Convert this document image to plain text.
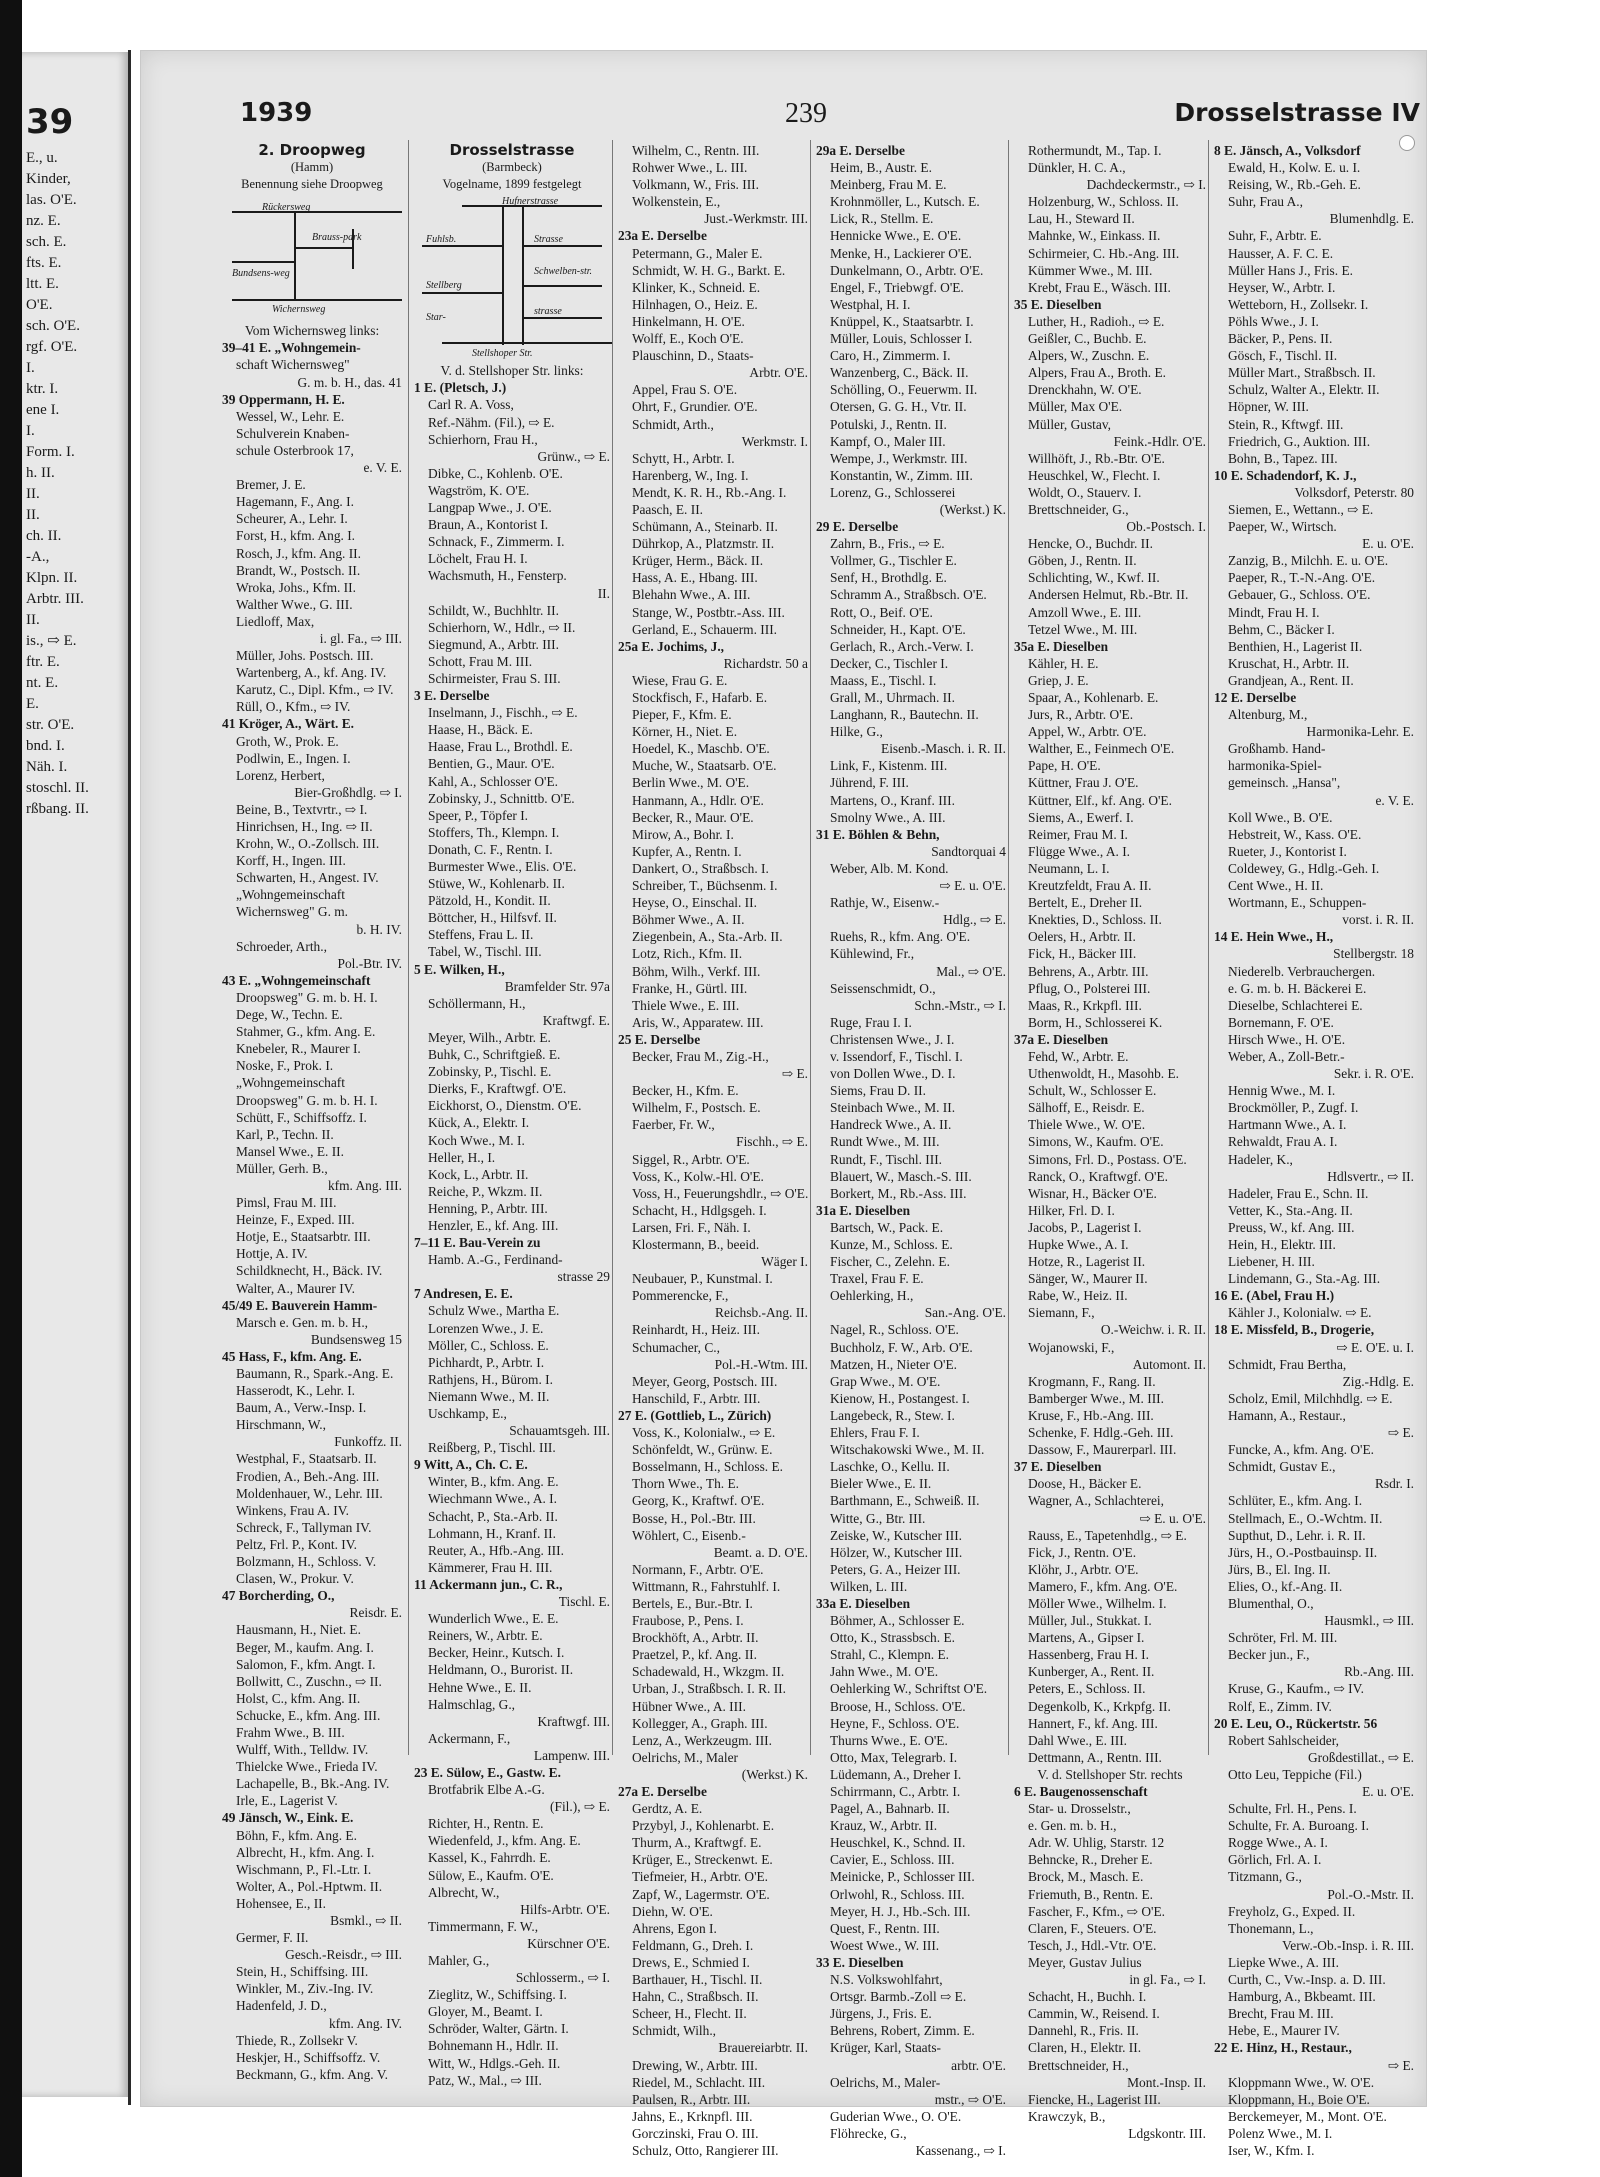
39
E., u.
Kinder,
las. O'E.
nz. E.
sch. E.
fts. E.
ltt. E.
O'E.
sch. O'E.
rgf. O'E.
I.
ktr. I.
ene I.
I.
Form. I.
h. II.
II.
II.
ch. II.
-A.,
Klpn. II.
Arbtr. III.
II.
is., ⇨ E.
ftr. E.
nt. E.
E.
str. O'E.
bnd. I.
Näh. I.
stoschl. II.
rßbang. II.
1939	239	Drosselstrasse IV
2. Droopweg
(Hamm)
Benennung siehe Droopweg
Rückersweg
Brauss-park
Bundsens-weg
Wichernsweg
Vom Wichernsweg links:
39–41 E. „Wohngemein-
schaft Wichernsweg"
G. m. b. H., das. 41
39 Oppermann, H. E.
Wessel, W., Lehr. E.
Schulverein Knaben-
schule Osterbrook 17,
e. V. E.
Bremer, J. E.
Hagemann, F., Ang. I.
Scheurer, A., Lehr. I.
Forst, H., kfm. Ang. I.
Rosch, J., kfm. Ang. II.
Brandt, W., Postsch. II.
Wroka, Johs., Kfm. II.
Walther Wwe., G. III.
Liedloff, Max,
i. gl. Fa., ⇨ III.
Müller, Johs. Postsch. III.
Wartenberg, A., kf. Ang. IV.
Karutz, C., Dipl. Kfm., ⇨ IV.
Rüll, O., Kfm., ⇨ IV.
41 Kröger, A., Wärt. E.
Groth, W., Prok. E.
Podlwin, E., Ingen. I.
Lorenz, Herbert,
Bier-Großhdlg. ⇨ I.
Beine, B., Textvrtr., ⇨ I.
Hinrichsen, H., Ing. ⇨ II.
Krohn, W., O.-Zollsch. III.
Korff, H., Ingen. III.
Schwarten, H., Angest. IV.
„Wohngemeinschaft
Wichernsweg" G. m.
b. H. IV.
Schroeder, Arth.,
Pol.-Btr. IV.
43 E. „Wohngemeinschaft
Droopsweg" G. m. b. H. I.
Dege, W., Techn. E.
Stahmer, G., kfm. Ang. E.
Knebeler, R., Maurer I.
Noske, F., Prok. I.
„Wohngemeinschaft
Droopsweg" G. m. b. H. I.
Schütt, F., Schiffsoffz. I.
Karl, P., Techn. II.
Mansel Wwe., E. II.
Müller, Gerh. B.,
kfm. Ang. III.
Pimsl, Frau M. III.
Heinze, F., Exped. III.
Hotje, E., Staatsarbtr. III.
Hottje, A. IV.
Schildknecht, H., Bäck. IV.
Walter, A., Maurer IV.
45/49 E. Bauverein Hamm-
Marsch e. Gen. m. b. H.,
Bundsensweg 15
45 Hass, F., kfm. Ang. E.
Baumann, R., Spark.-Ang. E.
Hasserodt, K., Lehr. I.
Baum, A., Verw.-Insp. I.
Hirschmann, W.,
Funkoffz. II.
Westphal, F., Staatsarb. II.
Frodien, A., Beh.-Ang. III.
Moldenhauer, W., Lehr. III.
Winkens, Frau A. IV.
Schreck, F., Tallyman IV.
Peltz, Frl. P., Kont. IV.
Bolzmann, H., Schloss. V.
Clasen, W., Prokur. V.
47 Borcherding, O.,
Reisdr. E.
Hausmann, H., Niet. E.
Beger, M., kaufm. Ang. I.
Salomon, F., kfm. Angt. I.
Bollwitt, C., Zuschn., ⇨ II.
Holst, C., kfm. Ang. II.
Schucke, E., kfm. Ang. III.
Frahm Wwe., B. III.
Wulff, With., Telldw. IV.
Thielcke Wwe., Frieda IV.
Lachapelle, B., Bk.-Ang. IV.
Irle, E., Lagerist V.
49 Jänsch, W., Eink. E.
Böhn, F., kfm. Ang. E.
Albrecht, H., kfm. Ang. I.
Wischmann, P., Fl.-Ltr. I.
Wolter, A., Pol.-Hptwm. II.
Hohensee, E., II.
Bsmkl., ⇨ II.
Germer, F. II.
Gesch.-Reisdr., ⇨ III.
Stein, H., Schiffsing. III.
Winkler, M., Ziv.-Ing. IV.
Hadenfeld, J. D.,
kfm. Ang. IV.
Thiede, R., Zollsekr V.
Heskjer, H., Schiffsoffz. V.
Beckmann, G., kfm. Ang. V.
Drosselstrasse
(Barmbeck)
Vogelname, 1899 festgelegt
Hufnerstrasse
Fuhlsb.	Strasse
Schwelben-str.
Stellberg
Star-
strasse
Stellshoper Str.
V. d. Stellshoper Str. links:
1 E. (Pletsch, J.)
Carl R. A. Voss,
Ref.-Nähm. (Fil.), ⇨ E.
Schierhorn, Frau H.,
Grünw., ⇨ E.
Dibke, C., Kohlenb. O'E.
Wagström, K. O'E.
Langpap Wwe., J. O'E.
Braun, A., Kontorist I.
Schnack, F., Zimmerm. I.
Löchelt, Frau H. I.
Wachsmuth, H., Fensterp.
II.
Schildt, W., Buchhltr. II.
Schierhorn, W., Hdlr., ⇨ II.
Siegmund, A., Arbtr. III.
Schott, Frau M. III.
Schirmeister, Frau S. III.
3 E. Derselbe
Inselmann, J., Fischh., ⇨ E.
Haase, H., Bäck. E.
Haase, Frau L., Brothdl. E.
Bentien, G., Maur. O'E.
Kahl, A., Schlosser O'E.
Zobinsky, J., Schnittb. O'E.
Speer, P., Töpfer I.
Stoffers, Th., Klempn. I.
Donath, C. F., Rentn. I.
Burmester Wwe., Elis. O'E.
Stüwe, W., Kohlenarb. II.
Pätzold, H., Kondit. II.
Böttcher, H., Hilfsvf. II.
Steffens, Frau L. II.
Tabel, W., Tischl. III.
5 E. Wilken, H.,
Bramfelder Str. 97a
Schöllermann, H.,
Kraftwgf. E.
Meyer, Wilh., Arbtr. E.
Buhk, C., Schriftgieß. E.
Zobinsky, P., Tischl. E.
Dierks, F., Kraftwgf. O'E.
Eickhorst, O., Dienstm. O'E.
Kück, A., Elektr. I.
Koch Wwe., M. I.
Heller, H., I.
Kock, L., Arbtr. II.
Reiche, P., Wkzm. II.
Henning, P., Arbtr. III.
Henzler, E., kf. Ang. III.
7–11 E. Bau-Verein zu
Hamb. A.-G., Ferdinand-
strasse 29
7 Andresen, E. E.
Schulz Wwe., Martha E.
Lorenzen Wwe., J. E.
Möller, C., Schloss. E.
Pichhardt, P., Arbtr. I.
Rathjens, H., Bürom. I.
Niemann Wwe., M. II.
Uschkamp, E.,
Schauamtsgeh. III.
Reißberg, P., Tischl. III.
9 Witt, A., Ch. C. E.
Winter, B., kfm. Ang. E.
Wiechmann Wwe., A. I.
Schacht, P., Sta.-Arb. II.
Lohmann, H., Kranf. II.
Reuter, A., Hfb.-Ang. III.
Kämmerer, Frau H. III.
11 Ackermann jun., C. R.,
Tischl. E.
Wunderlich Wwe., E. E.
Reiners, W., Arbtr. E.
Becker, Heinr., Kutsch. I.
Heldmann, O., Burorist. II.
Hehne Wwe., E. II.
Halmschlag, G.,
Kraftwgf. III.
Ackermann, F.,
Lampenw. III.
23 E. Sülow, E., Gastw. E.
Brotfabrik Elbe A.-G.
(Fil.), ⇨ E.
Richter, H., Rentn. E.
Wiedenfeld, J., kfm. Ang. E.
Kassel, K., Fahrrdh. E.
Sülow, E., Kaufm. O'E.
Albrecht, W.,
Hilfs-Arbtr. O'E.
Timmermann, F. W.,
Kürschner O'E.
Mahler, G.,
Schlosserm., ⇨ I.
Zieglitz, W., Schiffsing. I.
Gloyer, M., Beamt. I.
Schröder, Walter, Gärtn. I.
Bohnemann H., Hdlr. II.
Witt, W., Hdlgs.-Geh. II.
Patz, W., Mal., ⇨ III.
Wilhelm, C., Rentn. III.
Rohwer Wwe., L. III.
Volkmann, W., Fris. III.
Wolkenstein, E.,
Just.-Werkmstr. III.
23a E. Derselbe
Petermann, G., Maler E.
Schmidt, W. H. G., Barkt. E.
Klinker, K., Schneid. E.
Hilnhagen, O., Heiz. E.
Hinkelmann, H. O'E.
Wolff, E., Koch O'E.
Plauschinn, D., Staats-
Arbtr. O'E.
Appel, Frau S. O'E.
Ohrt, F., Grundier. O'E.
Schmidt, Arth.,
Werkmstr. I.
Schytt, H., Arbtr. I.
Harenberg, W., Ing. I.
Mendt, K. R. H., Rb.-Ang. I.
Paasch, E. II.
Schümann, A., Steinarb. II.
Dührkop, A., Platzmstr. II.
Krüger, Herm., Bäck. II.
Hass, A. E., Hbang. III.
Blehahn Wwe., A. III.
Stange, W., Postbtr.-Ass. III.
Gerland, E., Schauerm. III.
25a E. Jochims, J.,
Richardstr. 50 a
Wiese, Frau G. E.
Stockfisch, F., Hafarb. E.
Pieper, F., Kfm. E.
Körner, H., Niet. E.
Hoedel, K., Maschb. O'E.
Muche, W., Staatsarb. O'E.
Berlin Wwe., M. O'E.
Hanmann, A., Hdlr. O'E.
Becker, R., Maur. O'E.
Mirow, A., Bohr. I.
Kupfer, A., Rentn. I.
Dankert, O., Straßbsch. I.
Schreiber, T., Büchsenm. I.
Heyse, O., Einschal. II.
Böhmer Wwe., A. II.
Ziegenbein, A., Sta.-Arb. II.
Lotz, Rich., Kfm. II.
Böhm, Wilh., Verkf. III.
Franke, H., Gürtl. III.
Thiele Wwe., E. III.
Aris, W., Apparatew. III.
25 E. Derselbe
Becker, Frau M., Zig.-H.,
⇨ E.
Becker, H., Kfm. E.
Wilhelm, F., Postsch. E.
Faerber, Fr. W.,
Fischh., ⇨ E.
Siggel, R., Arbtr. O'E.
Voss, K., Kolw.-Hl. O'E.
Voss, H., Feuerungshdlr., ⇨ O'E.
Schacht, H., Hdlgsgeh. I.
Larsen, Fri. F., Näh. I.
Klostermann, B., beeid.
Wäger I.
Neubauer, P., Kunstmal. I.
Pommerencke, F.,
Reichsb.-Ang. II.
Reinhardt, H., Heiz. III.
Schumacher, C.,
Pol.-H.-Wtm. III.
Meyer, Georg, Postsch. III.
Hanschild, F., Arbtr. III.
27 E. (Gottlieb, L., Zürich)
Voss, K., Kolonialw., ⇨ E.
Schönfeldt, W., Grünw. E.
Bosselmann, H., Schloss. E.
Thorn Wwe., Th. E.
Georg, K., Kraftwf. O'E.
Bosse, H., Pol.-Btr. III.
Wöhlert, C., Eisenb.-
Beamt. a. D. O'E.
Normann, F., Arbtr. O'E.
Wittmann, R., Fahrstuhlf. I.
Bertels, E., Bur.-Btr. I.
Fraubose, P., Pens. I.
Brockhöft, A., Arbtr. II.
Praetzel, P., kf. Ang. II.
Schadewald, H., Wkzgm. II.
Urban, J., Straßbsch. I. R. II.
Hübner Wwe., A. III.
Kollegger, A., Graph. III.
Lenz, A., Werkzeugm. III.
Oelrichs, M., Maler
(Werkst.) K.
27a E. Derselbe
Gerdtz, A. E.
Przybyl, J., Kohlenarbt. E.
Thurm, A., Kraftwgf. E.
Krüger, E., Streckenwt. E.
Tiefmeier, H., Arbtr. O'E.
Zapf, W., Lagermstr. O'E.
Diehn, W. O'E.
Ahrens, Egon I.
Feldmann, G., Dreh. I.
Drews, E., Schmied I.
Barthauer, H., Tischl. II.
Hahn, C., Straßbsch. II.
Scheer, H., Flecht. II.
Schmidt, Wilh.,
Brauereiarbtr. II.
Drewing, W., Arbtr. III.
Riedel, M., Schlacht. III.
Paulsen, R., Arbtr. III.
Jahns, E., Krknpfl. III.
Gorczinski, Frau O. III.
Schulz, Otto, Rangierer III.
29a E. Derselbe
Heim, B., Austr. E.
Meinberg, Frau M. E.
Krohnmöller, L., Kutsch. E.
Lick, R., Stellm. E.
Hennicke Wwe., E. O'E.
Menke, H., Lackierer O'E.
Dunkelmann, O., Arbtr. O'E.
Engel, F., Triebwgf. O'E.
Westphal, H. I.
Knüppel, K., Staatsarbtr. I.
Müller, Louis, Schlosser I.
Caro, H., Zimmerm. I.
Wanzenberg, C., Bäck. II.
Schölling, O., Feuerwm. II.
Otersen, G. G. H., Vtr. II.
Potulski, J., Rentn. II.
Kampf, O., Maler III.
Wempe, J., Werkmstr. III.
Konstantin, W., Zimm. III.
Lorenz, G., Schlosserei
(Werkst.) K.
29 E. Derselbe
Zahrn, B., Fris., ⇨ E.
Vollmer, G., Tischler E.
Senf, H., Brothdlg. E.
Schramm A., Straßbsch. O'E.
Rott, O., Beif. O'E.
Schneider, H., Kapt. O'E.
Gerlach, R., Arch.-Verw. I.
Decker, C., Tischler I.
Maass, E., Tischl. I.
Grall, M., Uhrmach. II.
Langhann, R., Bautechn. II.
Hilke, G.,
Eisenb.-Masch. i. R. II.
Link, F., Kistenm. III.
Jührend, F. III.
Martens, O., Kranf. III.
Smolny Wwe., A. III.
31 E. Böhlen & Behn,
Sandtorquai 4
Weber, Alb. M. Kond.
⇨ E. u. O'E.
Rathje, W., Eisenw.-
Hdlg., ⇨ E.
Ruehs, R., kfm. Ang. O'E.
Kühlewind, Fr.,
Mal., ⇨ O'E.
Seissenschmidt, O.,
Schn.-Mstr., ⇨ I.
Ruge, Frau I. I.
Christensen Wwe., J. I.
v. Issendorf, F., Tischl. I.
von Dollen Wwe., D. I.
Siems, Frau D. II.
Steinbach Wwe., M. II.
Handreck Wwe., A. II.
Rundt Wwe., M. III.
Rundt, F., Tischl. III.
Blauert, W., Masch.-S. III.
Borkert, M., Rb.-Ass. III.
31a E. Dieselben
Bartsch, W., Pack. E.
Kunze, M., Schloss. E.
Fischer, C., Zelehn. E.
Traxel, Frau F. E.
Oehlerking, H.,
San.-Ang. O'E.
Nagel, R., Schloss. O'E.
Buchholz, F. W., Arb. O'E.
Matzen, H., Nieter O'E.
Grap Wwe., M. O'E.
Kienow, H., Postangest. I.
Langebeck, R., Stew. I.
Ehlers, Frau F. I.
Witschakowski Wwe., M. II.
Laschke, O., Kellu. II.
Bieler Wwe., E. II.
Barthmann, E., Schweiß. II.
Witte, G., Btr. III.
Zeiske, W., Kutscher III.
Hölzer, W., Kutscher III.
Peters, G. A., Heizer III.
Wilken, L. III.
33a E. Dieselben
Böhmer, A., Schlosser E.
Otto, K., Strassbsch. E.
Strahl, C., Klempn. E.
Jahn Wwe., M. O'E.
Oehlerking W., Schriftst O'E.
Broose, H., Schloss. O'E.
Heyne, F., Schloss. O'E.
Thurns Wwe., E. O'E.
Otto, Max, Telegrarb. I.
Lüdemann, A., Dreher I.
Schirrmann, C., Arbtr. I.
Pagel, A., Bahnarb. II.
Krauz, W., Arbtr. II.
Heuschkel, K., Schnd. II.
Cavier, E., Schloss. III.
Meinicke, P., Schlosser III.
Orlwohl, R., Schloss. III.
Meyer, H. J., Hb.-Sch. III.
Quest, F., Rentn. III.
Woest Wwe., W. III.
33 E. Dieselben
N.S. Volkswohlfahrt,
Ortsgr. Barmb.-Zoll ⇨ E.
Jürgens, J., Fris. E.
Behrens, Robert, Zimm. E.
Krüger, Karl, Staats-
arbtr. O'E.
Oelrichs, M., Maler-
mstr., ⇨ O'E.
Guderian Wwe., O. O'E.
Flöhrecke, G.,
Kassenang., ⇨ I.
Rothermundt, M., Tap. I.
Dünkler, H. C. A.,
Dachdeckermstr., ⇨ I.
Holzenburg, W., Schloss. II.
Lau, H., Steward II.
Mahnke, W., Einkass. II.
Schirmeier, C. Hb.-Ang. III.
Kümmer Wwe., M. III.
Krebt, Frau E., Wäsch. III.
35 E. Dieselben
Luther, H., Radioh., ⇨ E.
Geißler, C., Buchb. E.
Alpers, W., Zuschn. E.
Alpers, Frau A., Broth. E.
Drenckhahn, W. O'E.
Müller, Max O'E.
Müller, Gustav,
Feink.-Hdlr. O'E.
Willhöft, J., Rb.-Btr. O'E.
Heuschkel, W., Flecht. I.
Woldt, O., Stauerv. I.
Brettschneider, G.,
Ob.-Postsch. I.
Hencke, O., Buchdr. II.
Göben, J., Rentn. II.
Schlichting, W., Kwf. II.
Andersen Helmut, Rb.-Btr. II.
Amzoll Wwe., E. III.
Tetzel Wwe., M. III.
35a E. Dieselben
Kähler, H. E.
Griep, J. E.
Spaar, A., Kohlenarb. E.
Jurs, R., Arbtr. O'E.
Appel, W., Arbtr. O'E.
Walther, E., Feinmech O'E.
Pape, H. O'E.
Küttner, Frau J. O'E.
Küttner, Elf., kf. Ang. O'E.
Siems, A., Ewerf. I.
Reimer, Frau M. I.
Flügge Wwe., A. I.
Neumann, L. I.
Kreutzfeldt, Frau A. II.
Bertelt, E., Dreher II.
Knekties, D., Schloss. II.
Oelers, H., Arbtr. II.
Fick, H., Bäcker III.
Behrens, A., Arbtr. III.
Pflug, O., Polsterei III.
Maas, R., Krkpfl. III.
Borm, H., Schlosserei K.
37a E. Dieselben
Fehd, W., Arbtr. E.
Uthenwoldt, H., Masohb. E.
Schult, W., Schlosser E.
Sälhoff, E., Reisdr. E.
Thiele Wwe., W. O'E.
Simons, W., Kaufm. O'E.
Simons, Frl. D., Postass. O'E.
Ranck, O., Kraftwgf. O'E.
Wisnar, H., Bäcker O'E.
Hilker, Frl. D. I.
Jacobs, P., Lagerist I.
Hupke Wwe., A. I.
Hotze, R., Lagerist II.
Sänger, W., Maurer II.
Rabe, W., Heiz. II.
Siemann, F.,
O.-Weichw. i. R. II.
Wojanowski, F.,
Automont. II.
Krogmann, F., Rang. II.
Bamberger Wwe., M. III.
Kruse, F., Hb.-Ang. III.
Schenke, F. Hdlg.-Geh. III.
Dassow, F., Maurerparl. III.
37 E. Dieselben
Doose, H., Bäcker E.
Wagner, A., Schlachterei,
⇨ E. u. O'E.
Rauss, E., Tapetenhdlg., ⇨ E.
Fick, J., Rentn. O'E.
Klöhr, J., Arbtr. O'E.
Mamero, F., kfm. Ang. O'E.
Möller Wwe., Wilhelm. I.
Müller, Jul., Stukkat. I.
Martens, A., Gipser I.
Hassenberg, Frau H. I.
Kunberger, A., Rent. II.
Peters, E., Schloss. II.
Degenkolb, K., Krkpfg. II.
Hannert, F., kf. Ang. III.
Dahl Wwe., E. III.
Dettmann, A., Rentn. III.
V. d. Stellshoper Str. rechts
6 E. Baugenossenschaft
Star- u. Drosselstr.,
e. Gen. m. b. H.,
Adr. W. Uhlig, Starstr. 12
Behncke, R., Dreher E.
Brock, M., Masch. E.
Friemuth, B., Rentn. E.
Fascher, F., Kfm., ⇨ O'E.
Claren, F., Steuers. O'E.
Tesch, J., Hdl.-Vtr. O'E.
Meyer, Gustav Julius
in gl. Fa., ⇨ I.
Schacht, H., Buchh. I.
Cammin, W., Reisend. I.
Dannehl, R., Fris. II.
Claren, H., Elektr. II.
Brettschneider, H.,
Mont.-Insp. II.
Fiencke, H., Lagerist III.
Krawczyk, B.,
Ldgskontr. III.
8 E. Jänsch, A., Volksdorf
Ewald, H., Kolw. E. u. I.
Reising, W., Rb.-Geh. E.
Suhr, Frau A.,
Blumenhdlg. E.
Suhr, F., Arbtr. E.
Hausser, A. F. C. E.
Müller Hans J., Fris. E.
Heyser, W., Arbtr. I.
Wetteborn, H., Zollsekr. I.
Pöhls Wwe., J. I.
Bäcker, P., Pens. II.
Gösch, F., Tischl. II.
Müller Mart., Straßbsch. II.
Schulz, Walter A., Elektr. II.
Höpner, W. III.
Stein, R., Kftwgf. III.
Friedrich, G., Auktion. III.
Bohn, B., Tapez. III.
10 E. Schadendorf, K. J.,
Volksdorf, Peterstr. 80
Siemen, E., Wettann., ⇨ E.
Paeper, W., Wirtsch.
E. u. O'E.
Zanzig, B., Milchh. E. u. O'E.
Paeper, R., T.-N.-Ang. O'E.
Gebauer, G., Schloss. O'E.
Mindt, Frau H. I.
Behm, C., Bäcker I.
Benthien, H., Lagerist II.
Kruschat, H., Arbtr. II.
Grandjean, A., Rent. II.
12 E. Derselbe
Altenburg, M.,
Harmonika-Lehr. E.
Großhamb. Hand-
harmonika-Spiel-
gemeinsch. „Hansa",
e. V. E.
Koll Wwe., B. O'E.
Hebstreit, W., Kass. O'E.
Rueter, J., Kontorist I.
Coldewey, G., Hdlg.-Geh. I.
Cent Wwe., H. II.
Wortmann, E., Schuppen-
vorst. i. R. II.
14 E. Hein Wwe., H.,
Stellbergstr. 18
Niederelb. Verbrauchergen.
e. G. m. b. H. Bäckerei E.
Dieselbe, Schlachterei E.
Bornemann, F. O'E.
Hirsch Wwe., H. O'E.
Weber, A., Zoll-Betr.-
Sekr. i. R. O'E.
Hennig Wwe., M. I.
Brockmöller, P., Zugf. I.
Hartmann Wwe., A. I.
Rehwaldt, Frau A. I.
Hadeler, K.,
Hdlsvertr., ⇨ II.
Hadeler, Frau E., Schn. II.
Vetter, K., Sta.-Ang. II.
Preuss, W., kf. Ang. III.
Hein, H., Elektr. III.
Liebener, H. III.
Lindemann, G., Sta.-Ag. III.
16 E. (Abel, Frau H.)
Kähler J., Kolonialw. ⇨ E.
18 E. Missfeld, B., Drogerie,
⇨ E. O'E. u. I.
Schmidt, Frau Bertha,
Zig.-Hdlg. E.
Scholz, Emil, Milchhdlg. ⇨ E.
Hamann, A., Restaur.,
⇨ E.
Funcke, A., kfm. Ang. O'E.
Schmidt, Gustav E.,
Rsdr. I.
Schlüter, E., kfm. Ang. I.
Stellmach, E., O.-Wchtm. II.
Supthut, D., Lehr. i. R. II.
Jürs, H., O.-Postbauinsp. II.
Jürs, B., El. Ing. II.
Elies, O., kf.-Ang. II.
Blumenthal, O.,
Hausmkl., ⇨ III.
Schröter, Frl. M. III.
Becker jun., F.,
Rb.-Ang. III.
Kruse, G., Kaufm., ⇨ IV.
Rolf, E., Zimm. IV.
20 E. Leu, O., Rückertstr. 56
Robert Sahlscheider,
Großdestillat., ⇨ E.
Otto Leu, Teppiche (Fil.)
E. u. O'E.
Schulte, Frl. H., Pens. I.
Schulte, Fr. A. Buroang. I.
Rogge Wwe., A. I.
Görlich, Frl. A. I.
Titzmann, G.,
Pol.-O.-Mstr. II.
Freyholz, G., Exped. II.
Thonemann, L.,
Verw.-Ob.-Insp. i. R. III.
Liepke Wwe., A. III.
Curth, C., Vw.-Insp. a. D. III.
Hamburg, A., Bkbeamt. III.
Brecht, Frau M. III.
Hebe, E., Maurer IV.
22 E. Hinz, H., Restaur.,
⇨ E.
Kloppmann Wwe., W. O'E.
Kloppmann, H., Boie O'E.
Berckemeyer, M., Mont. O'E.
Polenz Wwe., M. I.
Iser, W., Kfm. I.
